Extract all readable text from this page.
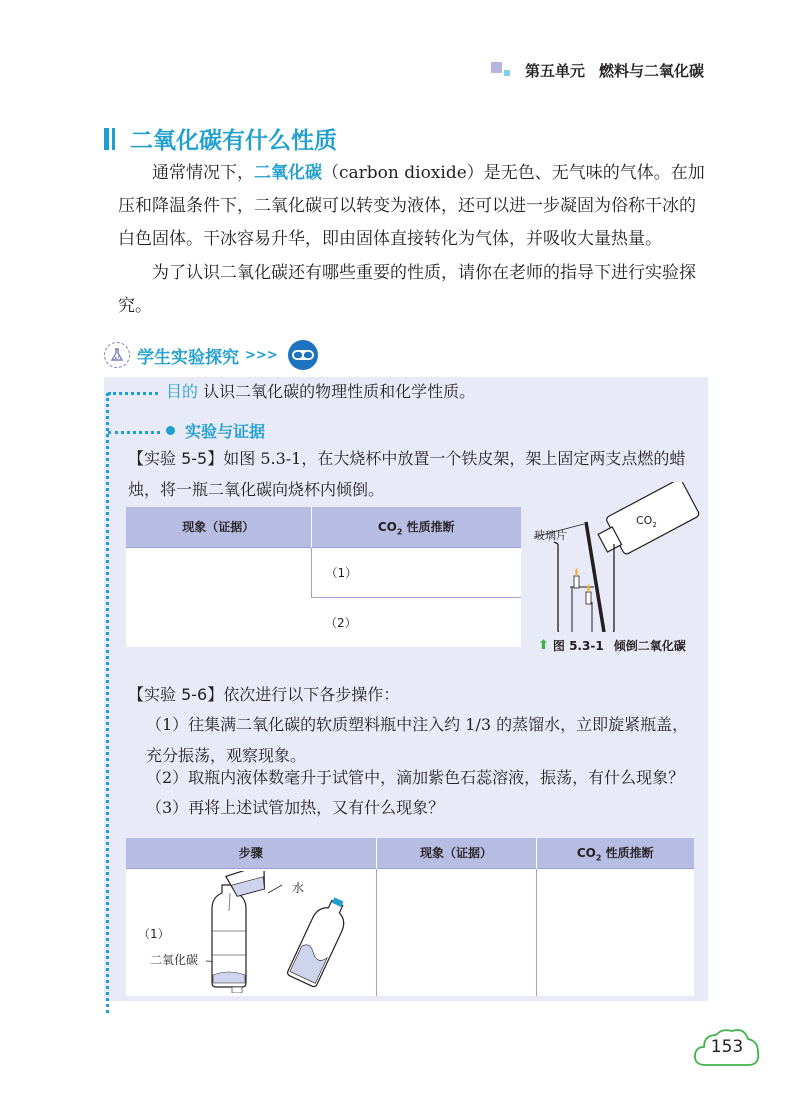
第五单元 燃料与二氧化碳
二氧化碳有什么性质

通常情况下，二氧化碳（carbon dioxide）是无色、无气味的气体。在加压和降温条件下，二氧化碳可以转变为液体，还可以进一步凝固为俗称干冰的白色固体。干冰容易升华，即由固体直接转化为气体，并吸收大量热量。

为了认识二氧化碳还有哪些重要的性质，请你在老师的指导下进行实验探究。

学生实验探究 >>>
目的 认识二氧化碳的物理性质和化学性质。
实验与证据

【实验 5-5】如图 5.3-1，在大烧杯中放置一个铁皮架，架上固定两支点燃的蜡烛，将一瓶二氧化碳向烧杯内倾倒。

现象（证据）	$CO_2$ 性质推断
	（1）
	（2）
玻璃片
$CO_2$
⬆ 图 5.3-1 倾倒二氧化碳

【实验 5-6】依次进行以下各步操作：

（1）往集满二氧化碳的软质塑料瓶中注入约 1/3 的蒸馏水，立即旋紧瓶盖，充分振荡，观察现象。

（2）取瓶内液体数毫升于试管中，滴加紫色石蕊溶液，振荡，有什么现象？

（3）再将上述试管加热，又有什么现象？

步骤	现象（证据）	$CO_2$ 性质推断

（1）
二氧化碳
水		

153
